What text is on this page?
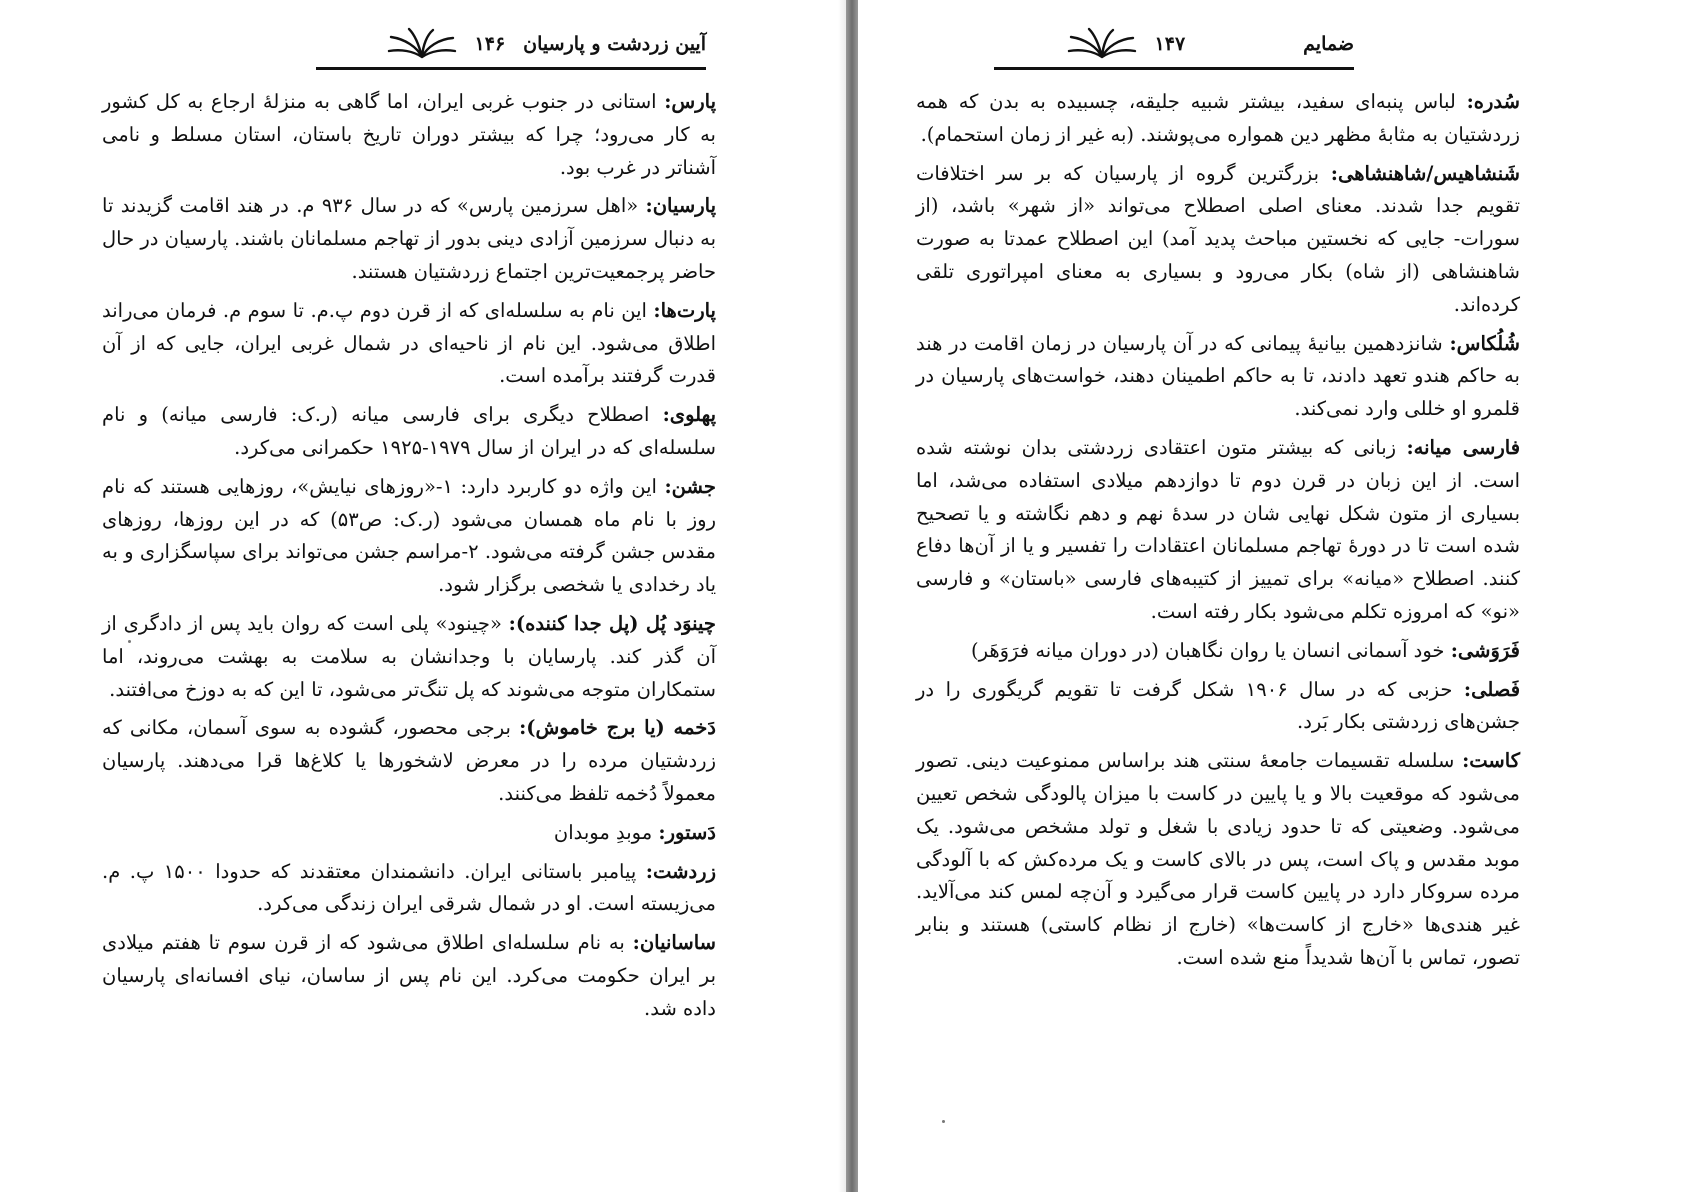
آیین زردشت و پارسیان
۱۴۶

پارس: استانی در جنوب غربی ایران، اما گاهی به منزلهٔ ارجاع به کل کشور به کار می‌رود؛ چرا که بیشتر دوران تاریخ باستان، استان مسلط و نامی آشنا‌تر در غرب بود.

پارسیان: «اهل سرزمین پارس» که در سال ۹۳۶ م. در هند اقامت گزیدند تا به دنبال سرزمین آزادی دینی بدور از تهاجم مسلمانان باشند. پارسیان در حال حاضر پرجمعیت‌ترین اجتماع زردشتیان هستند.

پارت‌ها: این نام به سلسله‌ای که از قرن دوم پ.م. تا سوم م. فرمان می‌راند اطلاق می‌شود. این نام از ناحیه‌ای در شمال غربی ایران، جایی که از آن قدرت گرفتند برآمده است.

پهلوی: اصطلاح دیگری برای فارسی میانه (ر.ک: فارسی میانه) و نام سلسله‌ای که در ایران از سال ۱۹۷۹-۱۹۲۵ حکمرانی می‌کرد.

جشن: این واژه دو کاربرد دارد: ۱-«روزهای نیایش»، روزهایی هستند که نام روز با نام ماه همسان می‌شود (ر.ک: ص۵۳) که در این روزها، روزهای مقدس جشن گرفته می‌شود. ۲-مراسم جشن می‌تواند برای سپاسگزاری و به یاد رخدادی یا شخصی برگزار شود.

چینوَد پُل (پل جدا کننده): «چینود» پلی است که روان باید پس از دادگری از آن گذر کند. پارسایان با وجدانشان به سلامت به بهشت می‌روند، اما ستمکاران متوجه می‌شوند که پل تنگ‌تر می‌شود، تا این که به دوزخ می‌افتند.

دَخمه (یا برج خاموش): برجی محصور، گشوده به سوی آسمان، مکانی که زردشتیان مرده را در معرض لاشخورها یا کلاغ‌ها قرا می‌دهند. پارسیان معمولاً دُخمه تلفظ می‌کنند.

دَستور: موبدِ موبدان

زردشت: پیامبر باستانی ایران. دانشمندان معتقدند که حدودا ۱۵۰۰ پ. م. می‌زیسته است. او در شمال شرقی ایران زندگی می‌کرد.

ساسانیان: به نام سلسله‌ای اطلاق می‌شود که از قرن سوم تا هفتم میلادی بر ایران حکومت می‌کرد. این نام پس از ساسان، نیای افسانه‌ای پارسیان داده شد.

ضمایم
۱۴۷

سُدره: لباس پنبه‌ای سفید، بیشتر شبیه جلیقه، چسبیده به بدن که همه زردشتیان به مثابهٔ مظهر دین همواره می‌پوشند. (به غیر از زمان استحمام).

شَنشاهیس/شاهنشاهی: بزرگترین گروه از پارسیان که بر سر اختلافات تقویم جدا شدند. معنای اصلی اصطلاح می‌تواند «از شهر» باشد، (از سورات- جایی که نخستین مباحث پدید آمد) این اصطلاح عمدتا به صورت شاهنشاهی (از شاه) بکار می‌رود و بسیاری به معنای امپراتوری تلقی کرده‌اند.

شُلُکاس: شانزدهمین بیانیهٔ پیمانی که در آن پارسیان در زمان اقامت در هند به حاکم هندو تعهد دادند، تا به حاکم اطمینان دهند، خواست‌های پارسیان در قلمرو او خللی وارد نمی‌کند.

فارسی میانه: زبانی که بیشتر متون اعتقادی زردشتی بدان نوشته شده است. از این زبان در قرن دوم تا دوازدهم میلادی استفاده می‌شد، اما بسیاری از متون شکل نهایی شان در سدهٔ نهم و دهم نگاشته و یا تصحیح شده است تا در دورهٔ تهاجم مسلمانان اعتقادات را تفسیر و یا از آن‌ها دفاع کنند. اصطلاح «میانه» برای تمییز از کتیبه‌های فارسی «باستان» و فارسی «نو» که امروزه تکلم می‌شود بکار رفته است.

فَرَوَشی: خود آسمانی انسان یا روان نگاهبان (در دوران میانه فرَوَهَر)

فَصلی: حزبی که در سال ۱۹۰۶ شکل گرفت تا تقویم گریگوری را در جشن‌های زردشتی بکار بَرد.

کاست: سلسله تقسیمات جامعهٔ سنتی هند براساس ممنوعیت دینی. تصور می‌شود که موقعیت بالا و یا پایین در کاست با میزان پالودگی شخص تعیین می‌شود. وضعیتی که تا حدود زیادی با شغل و تولد مشخص می‌شود. یک موبد مقدس و پاک است، پس در بالای کاست و یک مرده‌کش که با آلودگی مرده سروکار دارد در پایین کاست قرار می‌گیرد و آن‌چه لمس کند می‌آلاید. غیر هندی‌ها «خارج از کاست‌ها» (خارج از نظام کاستی) هستند و بنابر تصور، تماس با آن‌ها شدیداً منع شده است.
